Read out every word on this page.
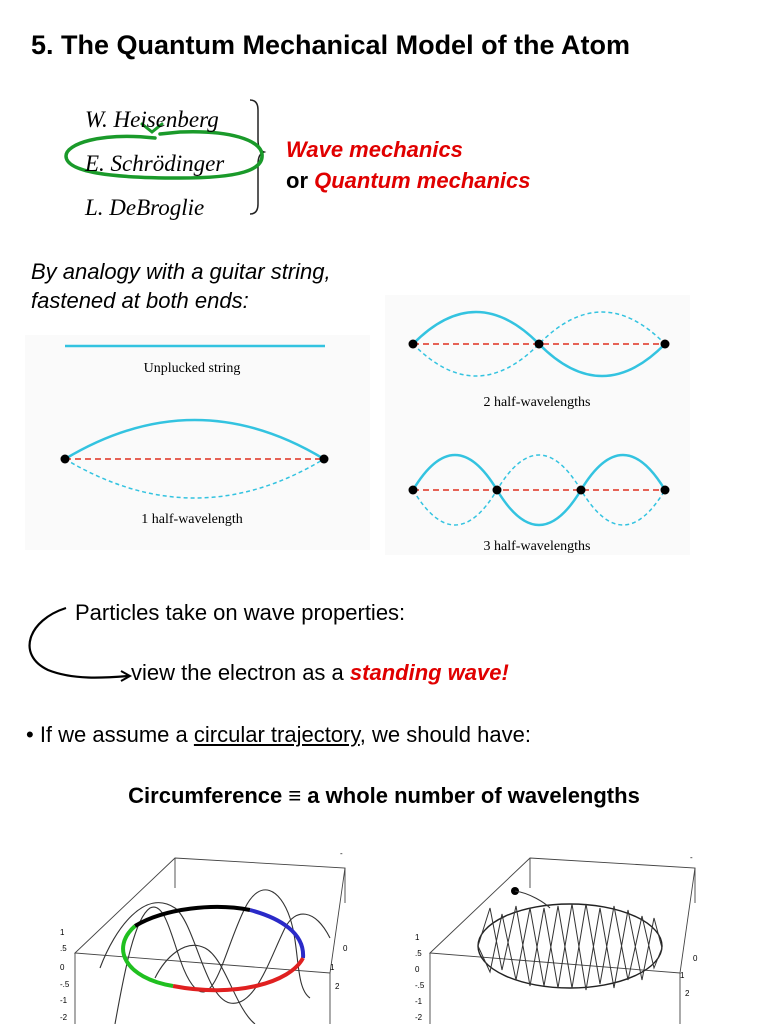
5. The Quantum Mechanical Model of the Atom
W. Heisenberg
E. Schrödinger
L. DeBroglie
Wave mechanics
or Quantum mechanics
By analogy with a guitar string,
fastened at both ends:
Unplucked string
1 half-wavelength
2 half-wavelengths
3 half-wavelengths
Particles take on wave properties:
view the electron as a standing wave!
• If we assume a circular trajectory, we should have:
Circumference ≡ a whole number of wavelengths
1
.5
0
-.5
-1
-2
0
1
2
-
1
.5
0
-.5
-1
-2
0
1
2
-
